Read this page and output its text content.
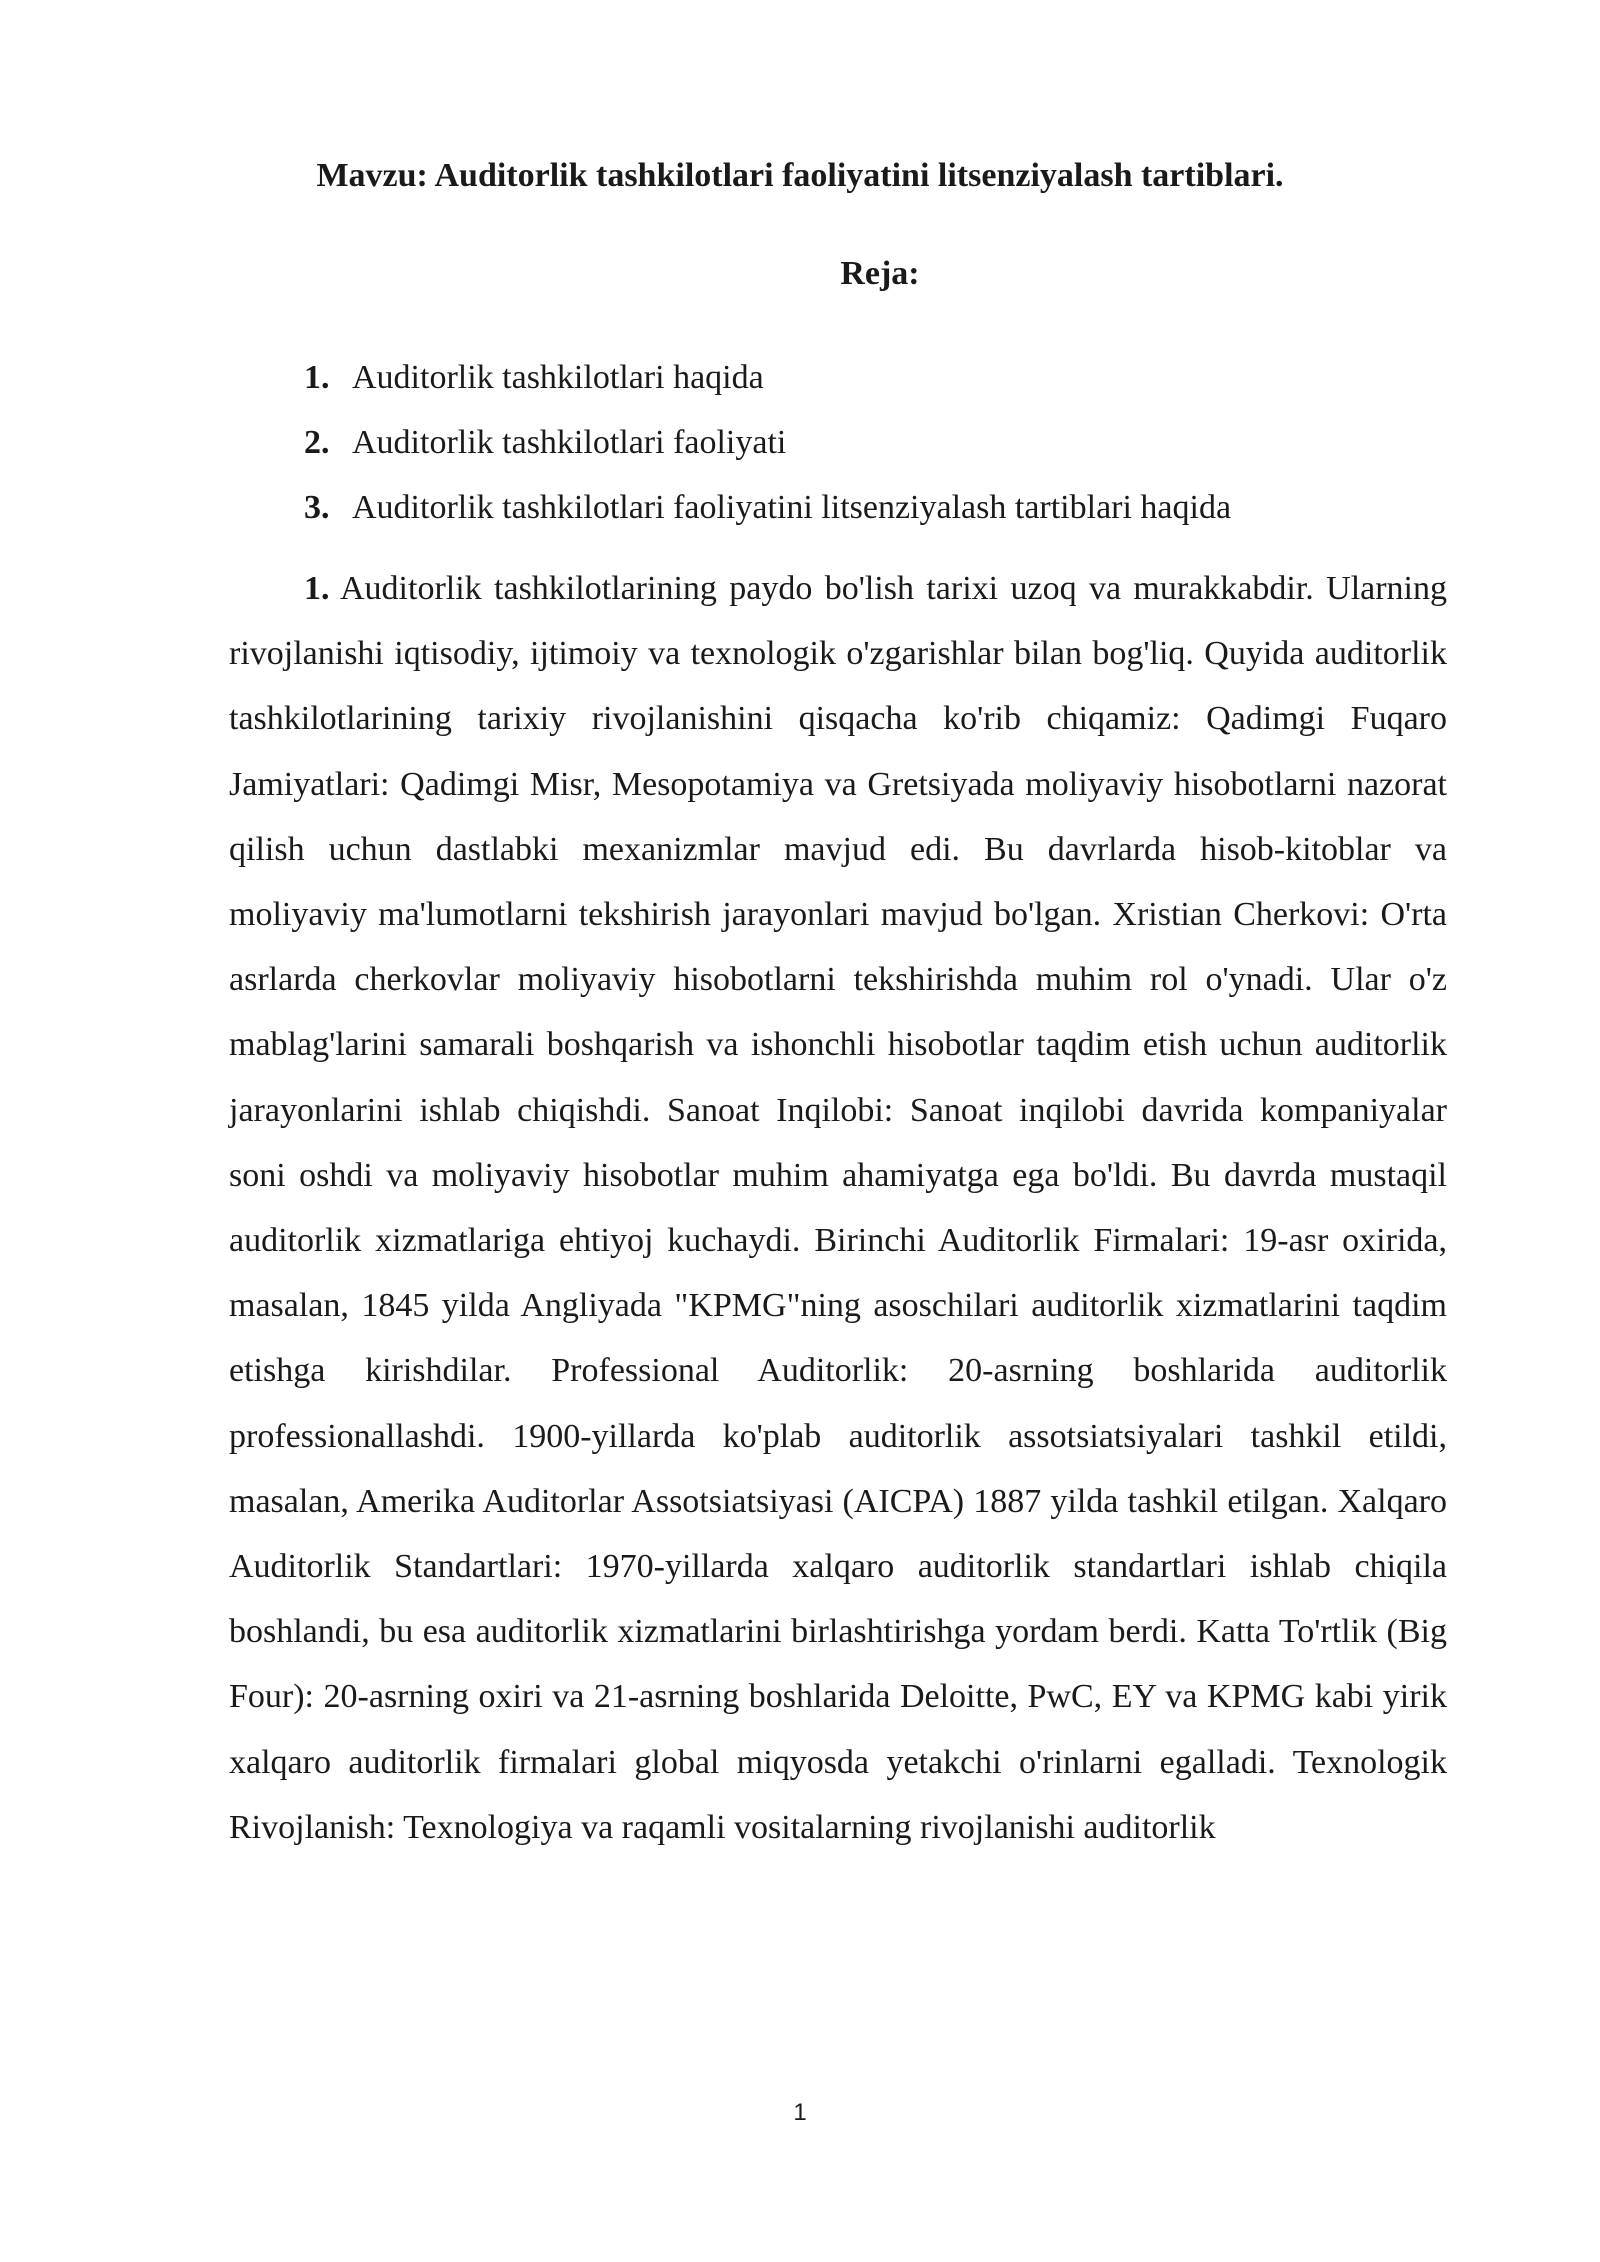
Mavzu: Auditorlik tashkilotlari faoliyatini litsenziyalash tartiblari.
Reja:
1. Auditorlik tashkilotlari haqida
2. Auditorlik tashkilotlari faoliyati
3. Auditorlik tashkilotlari faoliyatini litsenziyalash tartiblari haqida

1. Auditorlik tashkilotlarining paydo bo'lish tarixi uzoq va murakkabdir. Ularning rivojlanishi iqtisodiy, ijtimoiy va texnologik o'zgarishlar bilan bog'liq. Quyida auditorlik tashkilotlarining tarixiy rivojlanishini qisqacha ko'rib chiqamiz: Qadimgi Fuqaro Jamiyatlari: Qadimgi Misr, Mesopotamiya va Gretsiyada moliyaviy hisobotlarni nazorat qilish uchun dastlabki mexanizmlar mavjud edi. Bu davrlarda hisob-kitoblar va moliyaviy ma'lumotlarni tekshirish jarayonlari mavjud bo'lgan. Xristian Cherkovi: O'rta asrlarda cherkovlar moliyaviy hisobotlarni tekshirishda muhim rol o'ynadi. Ular o'z mablag'larini samarali boshqarish va ishonchli hisobotlar taqdim etish uchun auditorlik jarayonlarini ishlab chiqishdi. Sanoat Inqilobi: Sanoat inqilobi davrida kompaniyalar soni oshdi va moliyaviy hisobotlar muhim ahamiyatga ega bo'ldi. Bu davrda mustaqil auditorlik xizmatlariga ehtiyoj kuchaydi. Birinchi Auditorlik Firmalari: 19-asr oxirida, masalan, 1845 yilda Angliyada "KPMG"ning asoschilari auditorlik xizmatlarini taqdim etishga kirishdilar. Professional Auditorlik: 20-asrning boshlarida auditorlik professionallashdi. 1900-yillarda ko'plab auditorlik assotsiatsiyalari tashkil etildi, masalan, Amerika Auditorlar Assotsiatsiyasi (AICPA) 1887 yilda tashkil etilgan. Xalqaro Auditorlik Standartlari: 1970-yillarda xalqaro auditorlik standartlari ishlab chiqila boshlandi, bu esa auditorlik xizmatlarini birlashtirishga yordam berdi. Katta To'rtlik (Big Four): 20-asrning oxiri va 21-asrning boshlarida Deloitte, PwC, EY va KPMG kabi yirik xalqaro auditorlik firmalari global miqyosda yetakchi o'rinlarni egalladi. Texnologik Rivojlanish: Texnologiya va raqamli vositalarning rivojlanishi auditorlik

1
